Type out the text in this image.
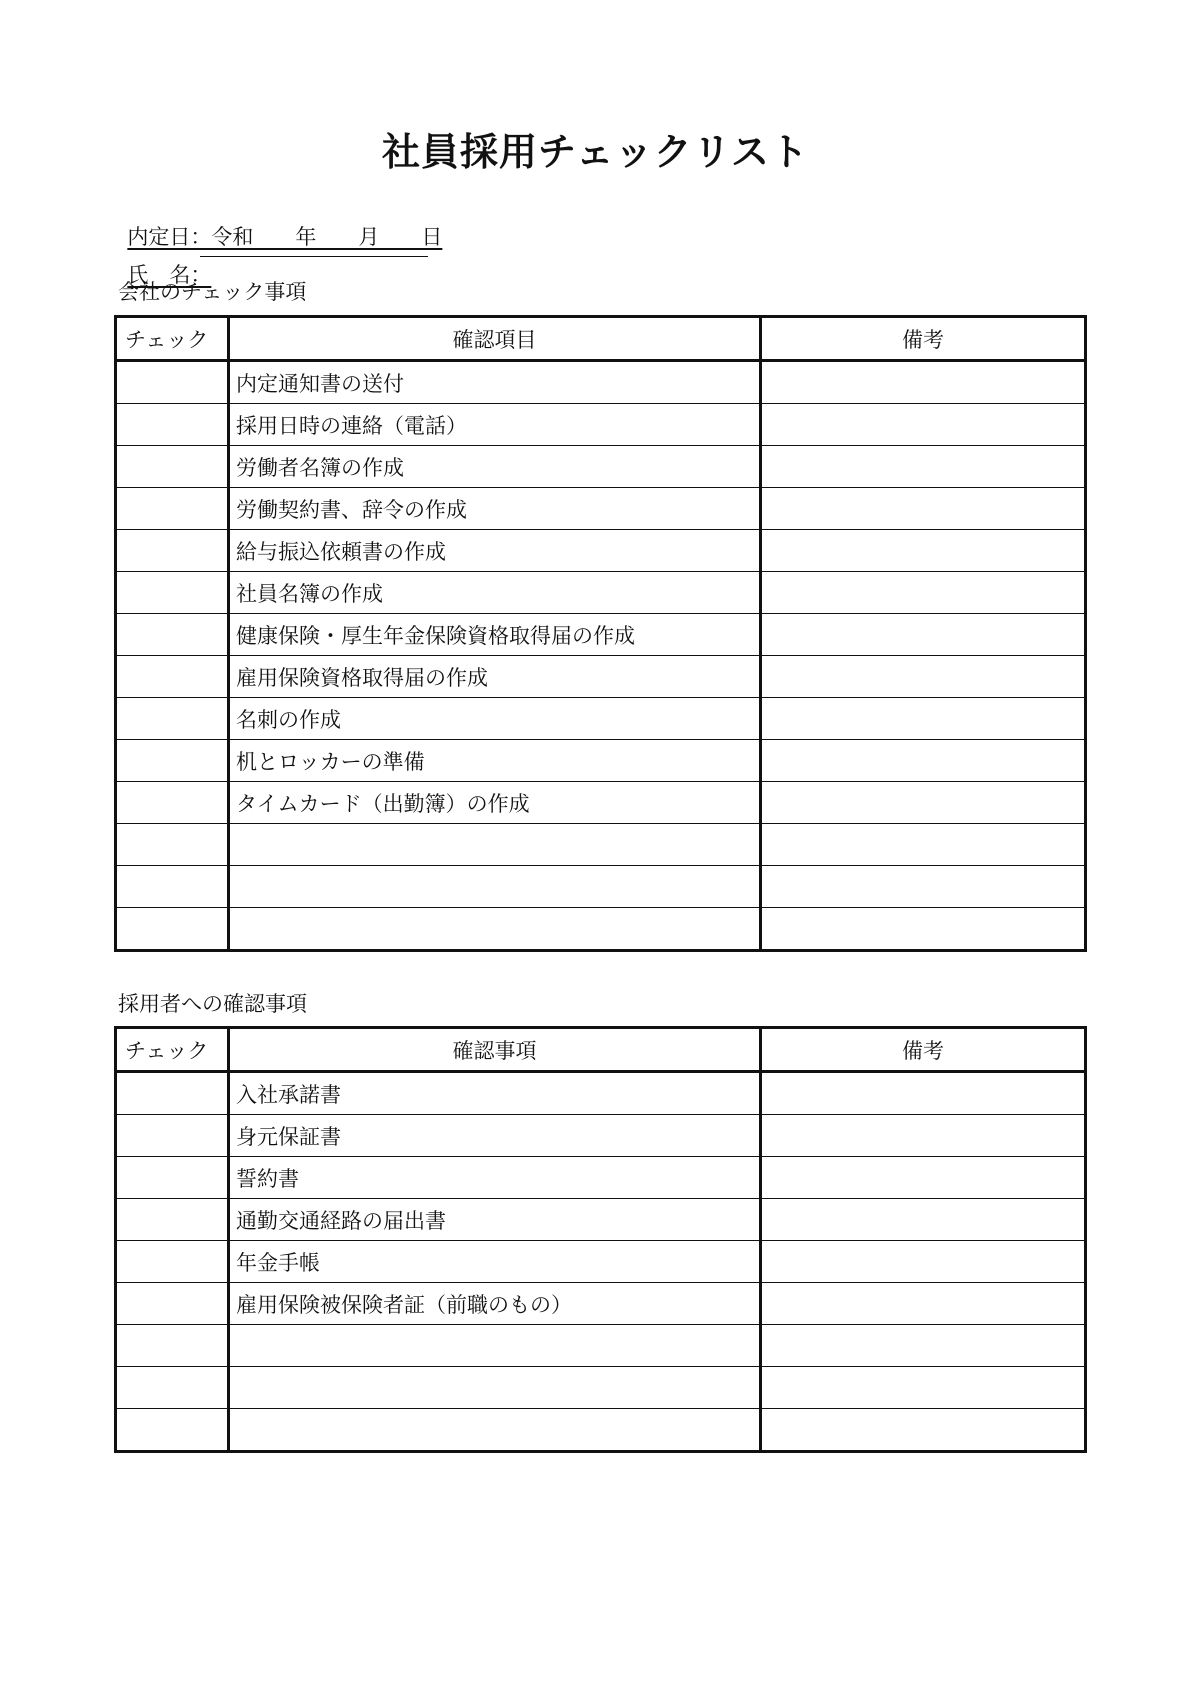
社員採用チェックリスト

内定日：令和　　年　　月　　日

氏　名：

会社のチェック事項
チェック	確認項目	備考
	内定通知書の送付	
	採用日時の連絡（電話）	
	労働者名簿の作成	
	労働契約書、辞令の作成	
	給与振込依頼書の作成	
	社員名簿の作成	
	健康保険・厚生年金保険資格取得届の作成	
	雇用保険資格取得届の作成	
	名刺の作成	
	机とロッカーの準備	
	タイムカード（出勤簿）の作成	

採用者への確認事項
チェック	確認事項	備考
	入社承諾書	
	身元保証書	
	誓約書	
	通勤交通経路の届出書	
	年金手帳	
	雇用保険被保険者証（前職のもの）	
